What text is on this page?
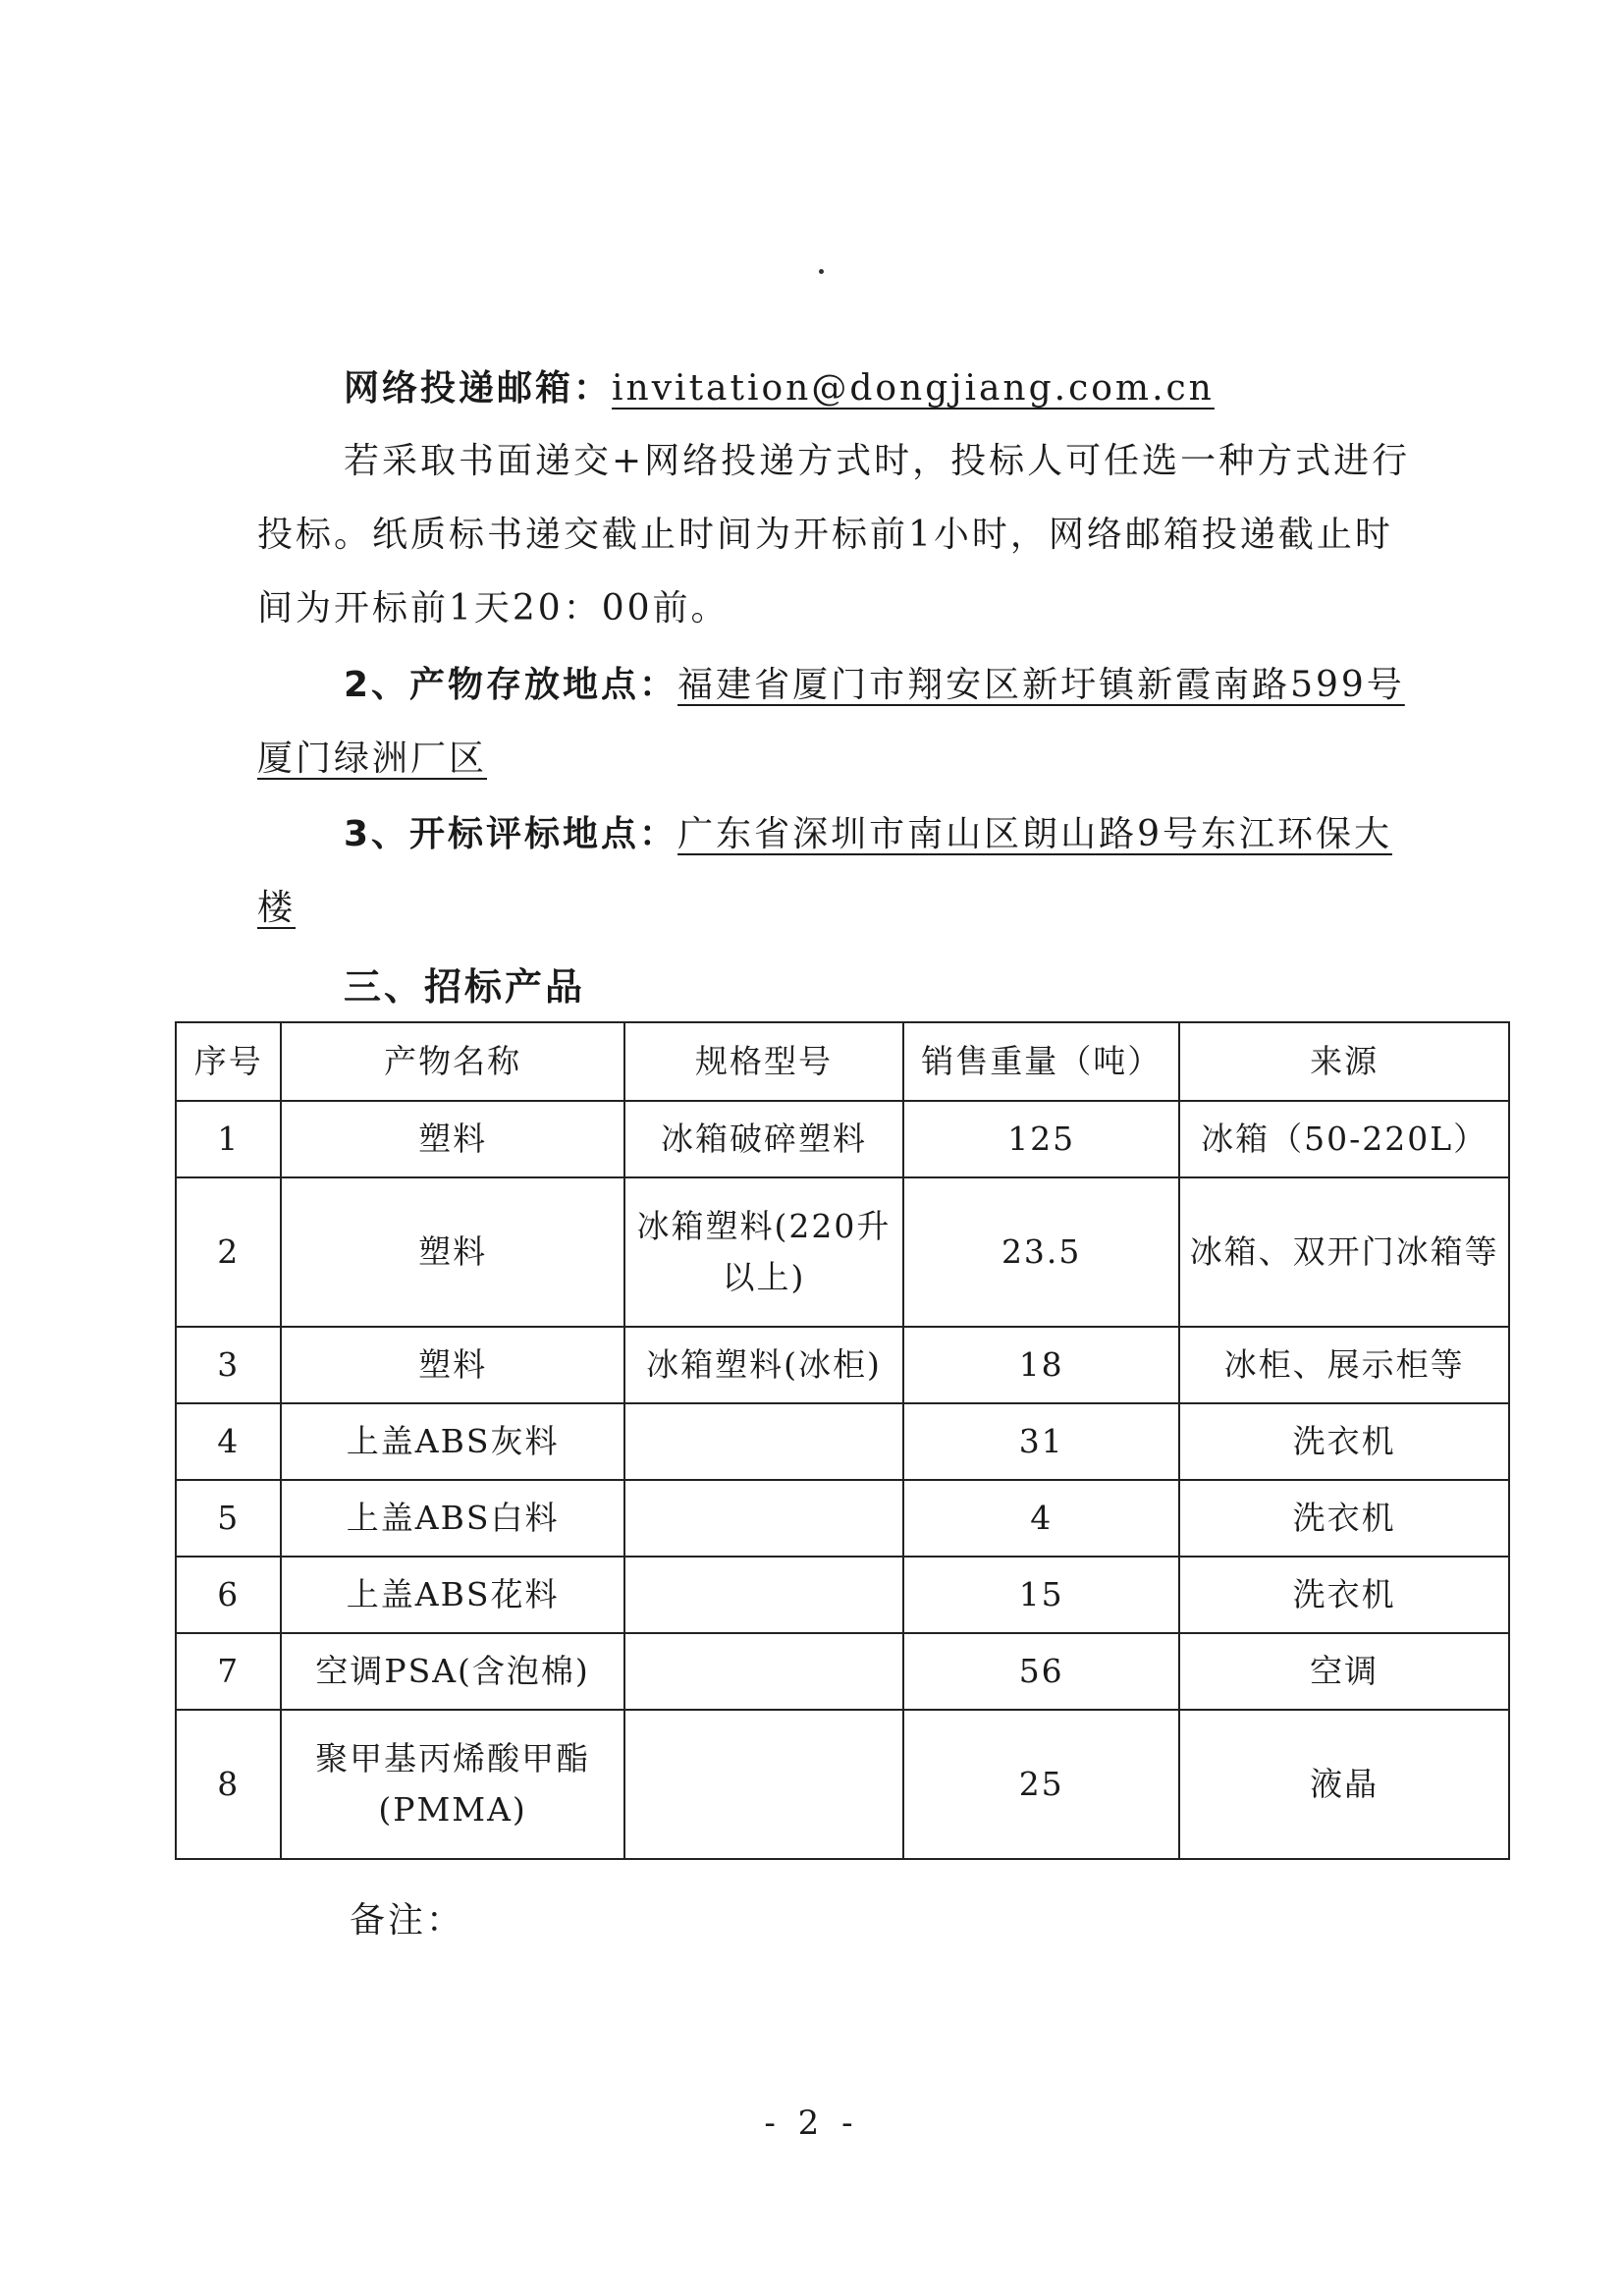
网络投递邮箱：invitation@dongjiang.com.cn
若采取书面递交+网络投递方式时，投标人可任选一种方式进行投标。纸质标书递交截止时间为开标前1小时，网络邮箱投递截止时间为开标前1天20：00前。
2、产物存放地点：福建省厦门市翔安区新圩镇新霞南路599号厦门绿洲厂区
3、开标评标地点：广东省深圳市南山区朗山路9号东江环保大楼
三、招标产品
序号	产物名称	规格型号	销售重量（吨）	来源
1	塑料	冰箱破碎塑料	125	冰箱（50-220L）
2	塑料	冰箱塑料(220升以上)	23.5	冰箱、双开门冰箱等
3	塑料	冰箱塑料(冰柜)	18	冰柜、展示柜等
4	上盖ABS灰料		31	洗衣机
5	上盖ABS白料		4	洗衣机
6	上盖ABS花料		15	洗衣机
7	空调PSA(含泡棉)		56	空调
8	聚甲基丙烯酸甲酯(PMMA)		25	液晶
备注：
- 2 -
